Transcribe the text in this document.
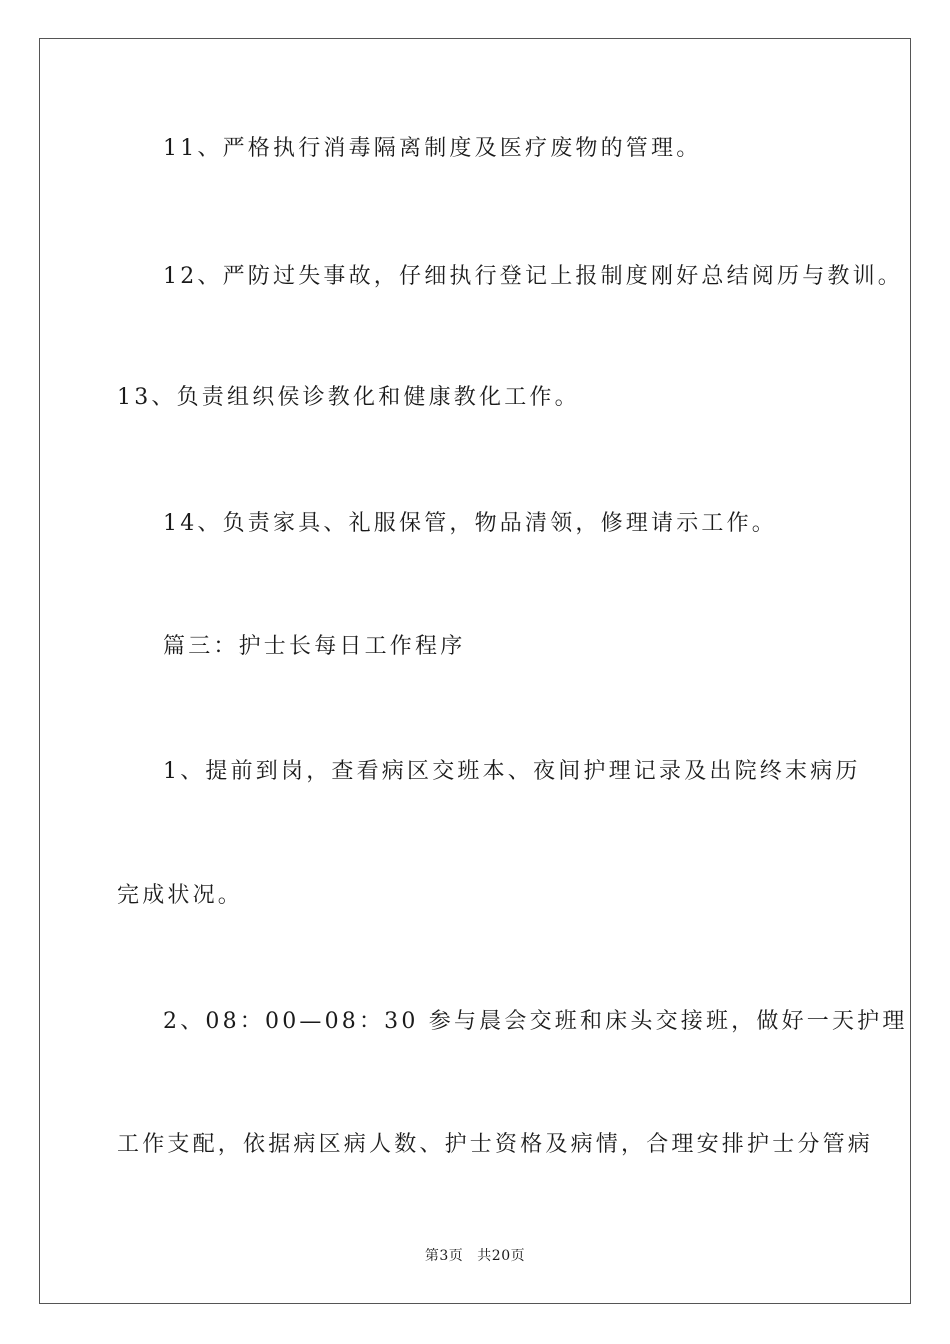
11、严格执行消毒隔离制度及医疗废物的管理。
12、严防过失事故，仔细执行登记上报制度刚好总结阅历与教训。
13、负责组织侯诊教化和健康教化工作。
14、负责家具、礼服保管，物品清领，修理请示工作。
篇三：护士长每日工作程序
1、提前到岗，查看病区交班本、夜间护理记录及出院终末病历
完成状况。
2、08：00—08：30 参与晨会交班和床头交接班，做好一天护理
工作支配，依据病区病人数、护士资格及病情，合理安排护士分管病
第3页 共20页
